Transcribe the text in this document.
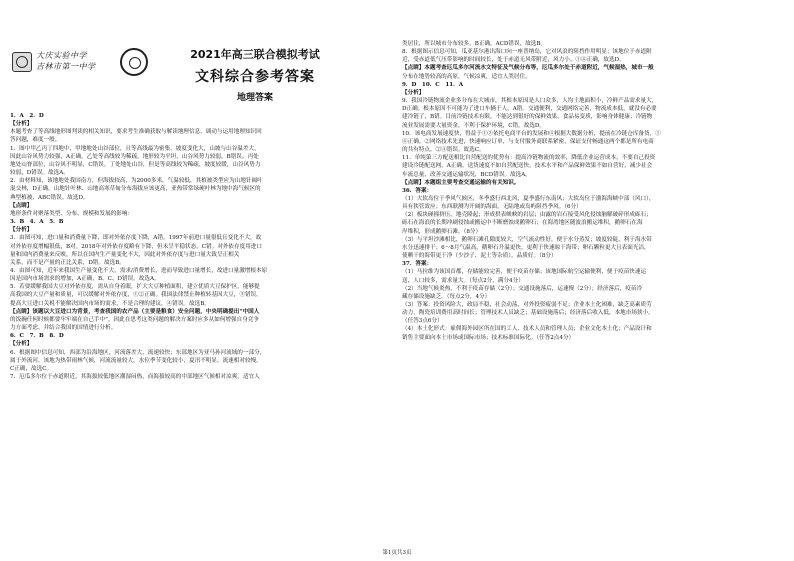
大庆实验中学
吉林市第一中学
2021年高三联合模拟考试
文科综合参考答案
地理答案

1．A　2．D

【分析】

本题考查了等高线地形图判读的相关知识，要求考生准确获取与解读地理信息，调动与运用地理知识回

答问题，难度一般。

1．图中甲乙丙丁四地中，甲地地处山谷部位，且等高线最为密集，坡度变化大，山坡与山谷温差大，

因此山谷风势力较强，A正确。乙处等高线较为稀疏，地形较为平坦，山谷风势力较弱，B错误。丙处

地处山脊部位，山谷风不明显，C错误。丁处地处山谷，但是等高线较为稀疏，坡度较缓，山谷风势力

较弱，D错误。故选A。

2．由材料知，该地地处我国南方，但海拔较高，为2000多米，气温较低，其植被类型应为山地针阔叶

混交林，D正确。山地针叶林、山地高寒草甸分布海拔应该更高，亚热带常绿硬叶林为地中海气候区的

典型植被，ABC错误。故选D。

【点睛】

地形条件对聚落类型、分布、规模和发展的影响：

3．B　4．A　5．B

【分析】

3．由图可知，进口量和消费量下降，即对外依存度下降，A错。1997年前进口量很低且变化不大，故

对外依存度增幅很低，B对。2018年对外依存度略有下降，但未呈平稳状态，C错。对外依存度用进口

量和国内消费量来反映，所以在国内生产量变化不大，因此对外依存度与进口量大致呈正相关

关系，而不是产量的正比关系，D错。故选B。

4．由图可知，近年来我国生产量变化不大，需求/消费增长，进而导致进口量增长，故进口量激增根本原

因是国内市场需求的增加，A正确，B、C、D错误。故选A。

5．若要缓解我国大豆对外依存度，需从自身着眼，扩大大豆种植面积，建立优质大豆保护区，能够提

高我国的大豆产量和质量，可以缓解对外依存度，①②正确。我国法律禁止种植转基因大豆，③错误。

提高大豆进口关税不能解决国内市场的需求，不是合理的建议，④错误。故选B。

【点睛】该题以大豆进口为背景，考查我国的农产品（主要是粮食）安全问题，中央明确提出“中国人

的饭碗任何时候都要牢牢端在自己手中”，因此在思考这类问题的解决方案时应多从如何增强自身竞争

力方面考虑，并结合我国的国情进行分析。

6．C　7．B　8．D

【分析】

6．根据图中信息可知，西部为沿海地区，河流落差大，流速较快；东部地区为亚马孙河流域的一部分，

属于外流河，该地为热带雨林气候，河流流量较大，水位季节变化较小，夏汛不明显，流速相对较慢。

C正确，故选C。

7．厄瓜多尔位于赤道附近，其海拔较低地区潮湿闷热，而海拔较高的中部地区气候相对凉爽，适宜人

类居住，所以城市分布较多。B正确，ACD错误，故选B。

8．根据图示信息可知，瓜亚基尔港出海口向一座普纳岛，它对风浪的阻挡作用明显；该地位于赤道附

近，受赤道低气压带影响的时间较长，处于赤道无风带附近，风力小。①④正确，故选D。

【点睛】本题考查厄瓜多尔河流水文特征及气候分布等，厄瓜多尔处于赤道附近，气候湿热，城市一般

分布在地势较高的高原，气候凉爽，适宜人类居住。

9．D　10．C　11．A

【分析】

9．我国冷链物流企业多分布在大城市，其根本原因是人口众多，人均土地面积小，冷鲜产品需求量大，

D正确。根本原因不可能为了进口车辆于人，A错。交通便利，交通网络完善，物流成本低，就没有必要

建冷链了，B错。目前冷链技术有限，不能达到很好的保鲜效果，食品易变质，影响身体健康；冷链物

流业发展需要大量资金，不利于保护环境，C错。故选D。

10．该电商发展速度快，得益于①③依托电商平台的发展和④根据大数据分析，提前在冷链仓库备货，①

④正确。②网络技术先进，快速响应订单，与支付服务商联系紧密，保证支付畅通这两个都是所有电商

的共有特点，②④错误。故选C。

11．单纯第三方配送相比自营配送的优势有：提高冷链物流的效率，降低企业运营成本，不要自己投资

建设冷链配送网，A正确。送货速度不如自营配送快，技术水平和产品保鲜效果不如自营好，减少社会

车流总量，改善交通运输状况，BCD错误。故选A。

【点睛】本题组主要考查交通运输的有关知识。

36．答案：

（1）大软岛位于季风气候区，冬季盛行西北风，夏季盛行东南风；大软岛位于渤海海峡中部（风口），

具有狭管效应；东西联测为开阔的海面，无陆地或岛屿阻挡季风。（6分）

（2）板块碰撞挤压，地壳隆起；形成拱表峡峡的岩层；由露的岩石接受风化侵蚀脑解破碎形成砾石；

砾石在海浪的长期冲刷侵蚀或搬运中不断磨蚀成鹅卵石；在海湾地区随波浪搬运堆积，鹅卵石在海

岸堆积，形成鹅卵石滩。（8分）

（3）与平坦沙滩相比，鹅卵石滩孔隙度较大，空气流动性好，便于水分蒸发；坡度较陡，利于海水带

水分迅速排干；6～8月气温高，鹅卵石升温更快，更利于快速晾干海带；卵石颗粒更大且表面光洁，

使晒干的海带更干净（少沙子、泥土等杂质），品质好。（8分）

37．答案：

（1）马拉维为该国首都，存储能较完善，便于疫苗存储；该地国际航空运输便利，便于疫苗快速运

送，人口较多，需求量大。（每点2分，满分4分）

（2）当地气候炎热，不利于疫苗存储（2分）；交通设施落后，运速慢（2分）；经济落后，疫苗冷

藏存储设施缺乏。（每点2分，4分）

（3）答案：投资风险大，政局不稳，社会动荡，对外投资疲弱不足；企业本土化困难，缺乏高素质劳

动力，陶瓷培训费用高时间长；管理技术人员缺乏；基础设施落后；经济落后收入低，本地市场狭小。

（任答3点6分）

（4）本土化形式：雇佣海外园区所在国的工人、技术人员和管理人员；企业文化本土化；产品设计和

销售主要面向本土市场或国际市场；技术标准国际化。（任答2点4分）

第1页共3页
